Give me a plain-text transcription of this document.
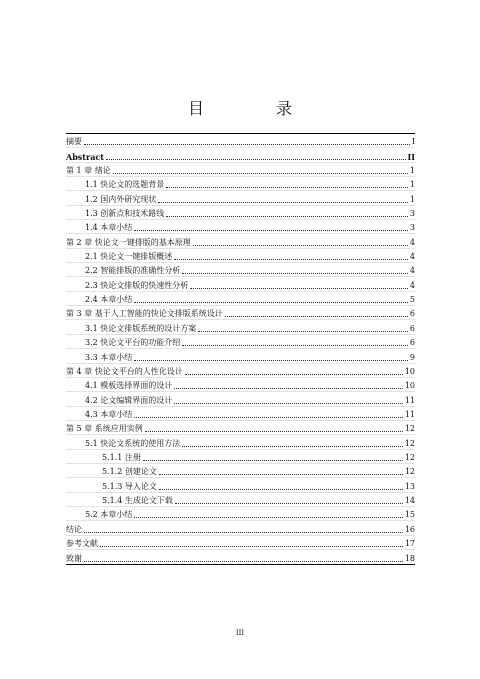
目　录
摘要	I
Abstract	II
第 1 章 绪论	1
1.1 快论文的选题背景	1
1.2 国内外研究现状	1
1.3 创新点和技术路线	3
1.4 本章小结	3
第 2 章 快论文一键排版的基本原理	4
2.1 快论文一键排版概述	4
2.2 智能排版的准确性分析	4
2.3 快论文排版的快速性分析	4
2.4 本章小结	5
第 3 章 基于人工智能的快论文排版系统设计	6
3.1 快论文排版系统的设计方案	6
3.2 快论文平台的功能介绍	6
3.3 本章小结	9
第 4 章 快论文平台的人性化设计	10
4.1 模板选择界面的设计	10
4.2 论文编辑界面的设计	11
4.3 本章小结	11
第 5 章 系统应用实例	12
5.1 快论文系统的使用方法	12
5.1.1 注册	12
5.1.2 创建论文	12
5.1.3 导入论文	13
5.1.4 生成论文下载	14
5.2 本章小结	15
结论	16
参考文献	17
致谢	18
III
